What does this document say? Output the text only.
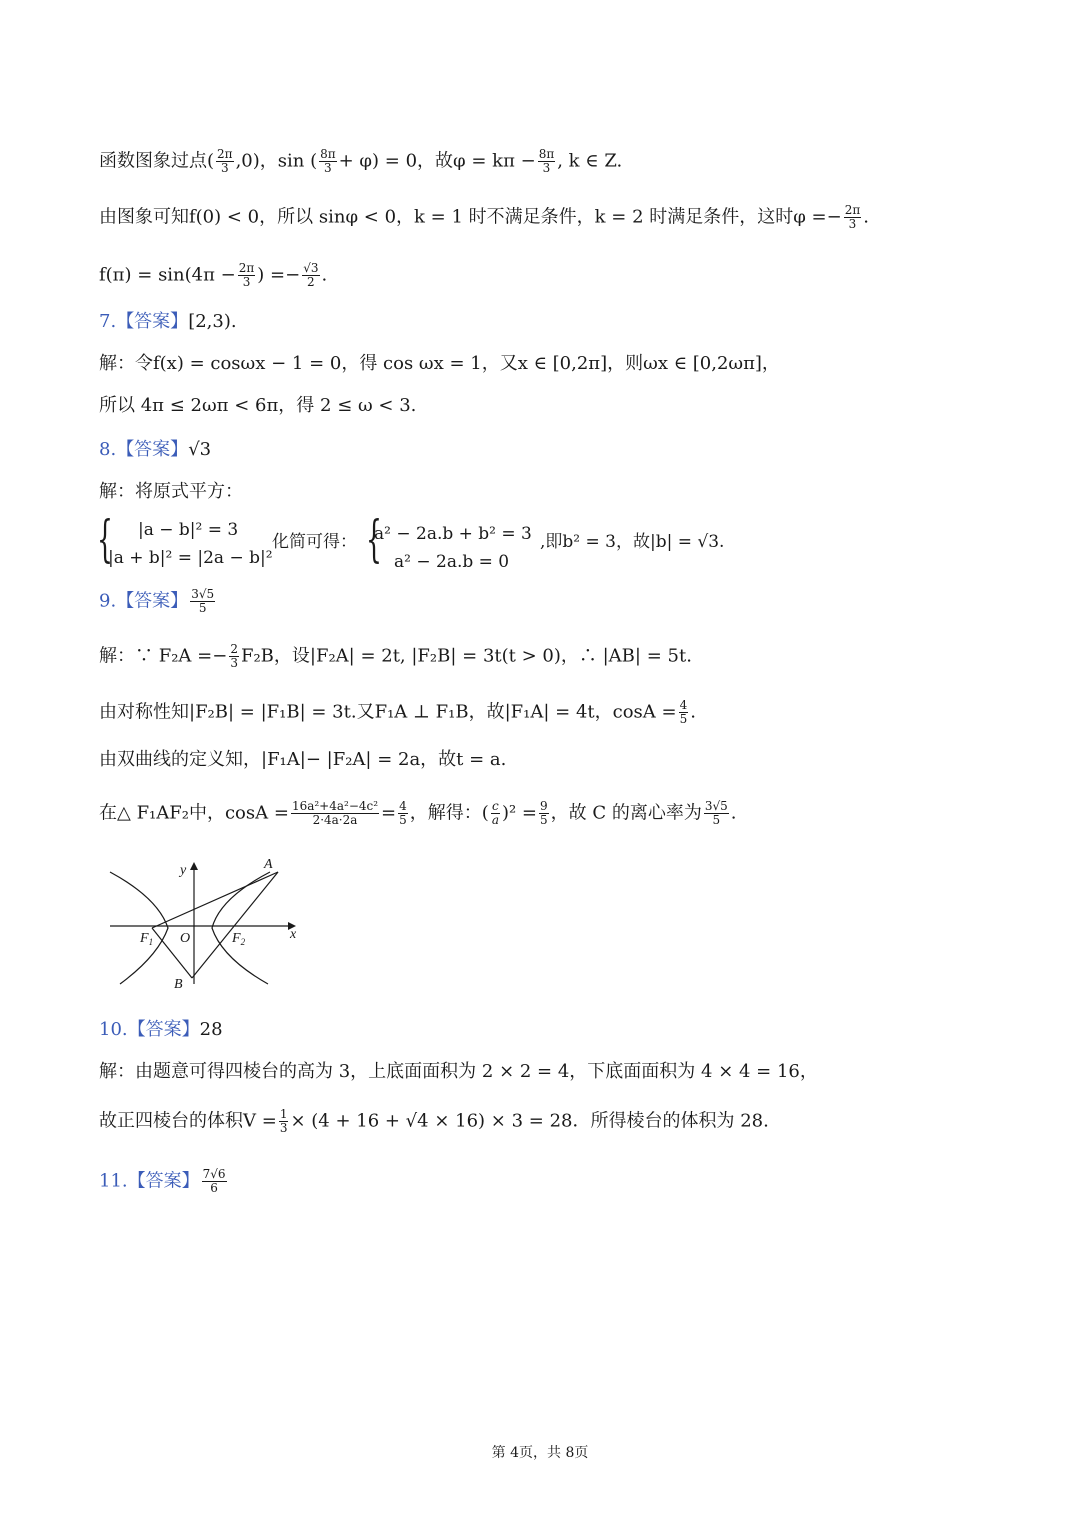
函数图象过点( $\frac{2\pi}{3} ,0$)，sin ( $\frac{8\pi}{3} + \varphi) = 0$，故$\varphi = k\pi - \frac{8\pi}{3}$ , k ∈ Z.
由图象可知f(0) < 0，所以 sinφ < 0，k = 1 时不满足条件，k = 2 时满足条件，这时$\varphi =- \frac{2\pi}{3}$ .
$f(\pi) = \sin(4\pi - \frac{2\pi}{3}$ ) =− $\frac{√3}{2}$ .
7.【答案】[2,3).
解：令f(x) = cosωx − 1 = 0，得 cos ωx = 1，又x ∈ [0,2π]，则ωx ∈ [0,2ωπ]，
所以 4π ≤ 2ωπ < 6π，得 2 ≤ ω < 3.
8.【答案】√3
解：将原式平方：
{ |a − b|² = 3
|a + b|² = |2a − b|²
化简可得： {
a² − 2a.b + b² = 3
a² − 2a.b = 0
,即b² = 3，故|b| = √3.
9.【答案】 $\frac{3√5}{5}$
解：∵ $F_2A =- \frac{2}{3} F_2B$，设|F₂A| = 2t, |F₂B| = 3t(t > 0)，∴ |AB| = 5t.
由对称性知|F₂B| = |F₁B| = 3t.又F₁A ⊥ F₁B，故|F₁A| = 4t，$\cos A = \frac{4}{5}$ .
由双曲线的定义知，|F₁A|− |F₂A| = 2a，故t = a.
在△ F₁AF₂中，$\cos A = \frac{\text{16a²+4a²−4c²}}{2\cdot 4a\cdot 2a} = \frac{4}{5}$ ，解得：( $\frac{c}{a} )^2 = \frac{9}{5}$ ，故 C 的离心率为 $\frac{3√5}{5}$ .
y
x
A
B
O
$F_1$	$F_2$
10.【答案】28
解：由题意可得四棱台的高为 3，上底面面积为 2 × 2 = 4，下底面面积为 4 × 4 = 16，
故正四棱台的体积$V = \frac{1}{3} \times (4 + 16 + √4 \times 16) \times 3 = 28$．所得棱台的体积为 28.
11.【答案】 $\frac{7√6}{6}$
第 4页，共 8页
